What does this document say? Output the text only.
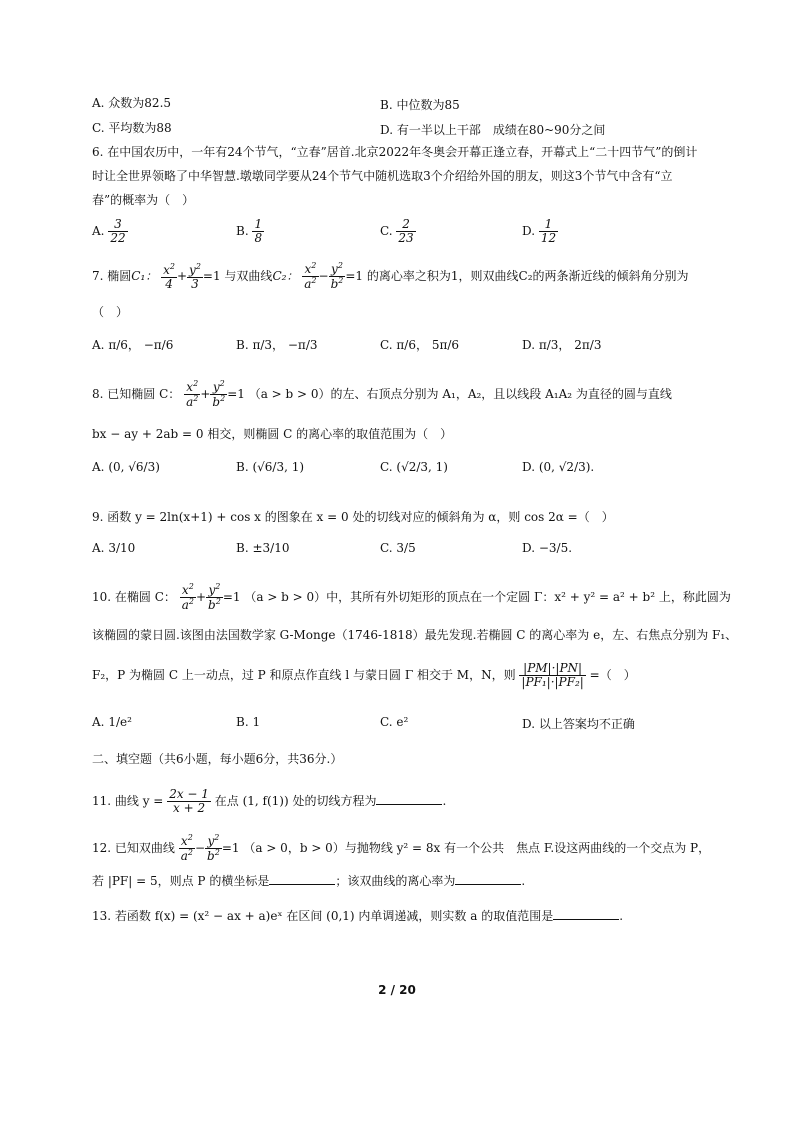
A. 众数为82.5	B. 中位数为85
C. 平均数为88	D. 有一半以上干部　成绩在80~90分之间
6. 在中国农历中，一年有24个节气，“立春”居首.北京2022年冬奥会开幕正逢立春，开幕式上“二十四节气”的倒计
时让全世界领略了中华智慧.墩墩同学要从24个节气中随机选取3个介绍给外国的朋友，则这3个节气中含有“立
春”的概率为（　）
A. $\frac{3}{22}$	B. $\frac{1}{8}$	C. $\frac{2}{23}$	D. $\frac{1}{12}$
7. 椭圆C₁： $\frac{x^2}{4} + \frac{y^2}{3} =1$ 与双曲线C₂： $\frac{x^2}{a^2} - \frac{y^2}{b^2} =1$ 的离心率之积为1，则双曲线C₂的两条渐近线的倾斜角分别为
（　）
A. π/6， −π/6	B. π/3， −π/3	C. π/6， 5π/6	D. π/3， 2π/3
8. 已知椭圆 C： $\frac{x^2}{a^2} + \frac{y^2}{b^2} =1$ （a > b > 0）的左、右顶点分别为 A₁，A₂，且以线段 A₁A₂ 为直径的圆与直线
bx − ay + 2ab = 0 相交，则椭圆 C 的离心率的取值范围为（　）
A. (0, √6/3)	B. (√6/3, 1)	C. (√2/3, 1)	D. (0, √2/3).
9. 函数 y = 2ln(x+1) + cos x 的图象在 x = 0 处的切线对应的倾斜角为 α，则 cos 2α =（　）
A. 3/10	B. ±3/10	C. 3/5	D. −3/5.
10. 在椭圆 C： $\frac{x^2}{a^2} + \frac{y^2}{b^2} =1$ （a > b > 0）中，其所有外切矩形的顶点在一个定圆 Γ：x² + y² = a² + b² 上，称此圆为
该椭圆的蒙日圆.该图由法国数学家 G-Monge（1746-1818）最先发现.若椭圆 C 的离心率为 e，左、右焦点分别为 F₁、
F₂，P 为椭圆 C 上一动点，过 P 和原点作直线 l 与蒙日圆 Γ 相交于 M，N，则 $\frac{|PM|\cdot|PN|}{\text{|PF₁|·|PF₂|}}$ =（　）
A. 1/e²	B. 1	C. e²	D. 以上答案均不正确
二、填空题（共6小题，每小题6分，共36分.）
11. 曲线 $y = \frac{2x - 1}{x + 2}$ 在点 (1, f(1)) 处的切线方程为	.
12. 已知双曲线 $\frac{x^2}{a^2} - \frac{y^2}{b^2} =1$ （a > 0，b > 0）与抛物线 y² = 8x 有一个公共　焦点 F.设这两曲线的一个交点为 P，
若 |PF| = 5，则点 P 的横坐标是	；该双曲线的离心率为	.
13. 若函数 f(x) = (x² − ax + a)eˣ 在区间 (0,1) 内单调递减，则实数 a 的取值范围是	.
2 / 20
